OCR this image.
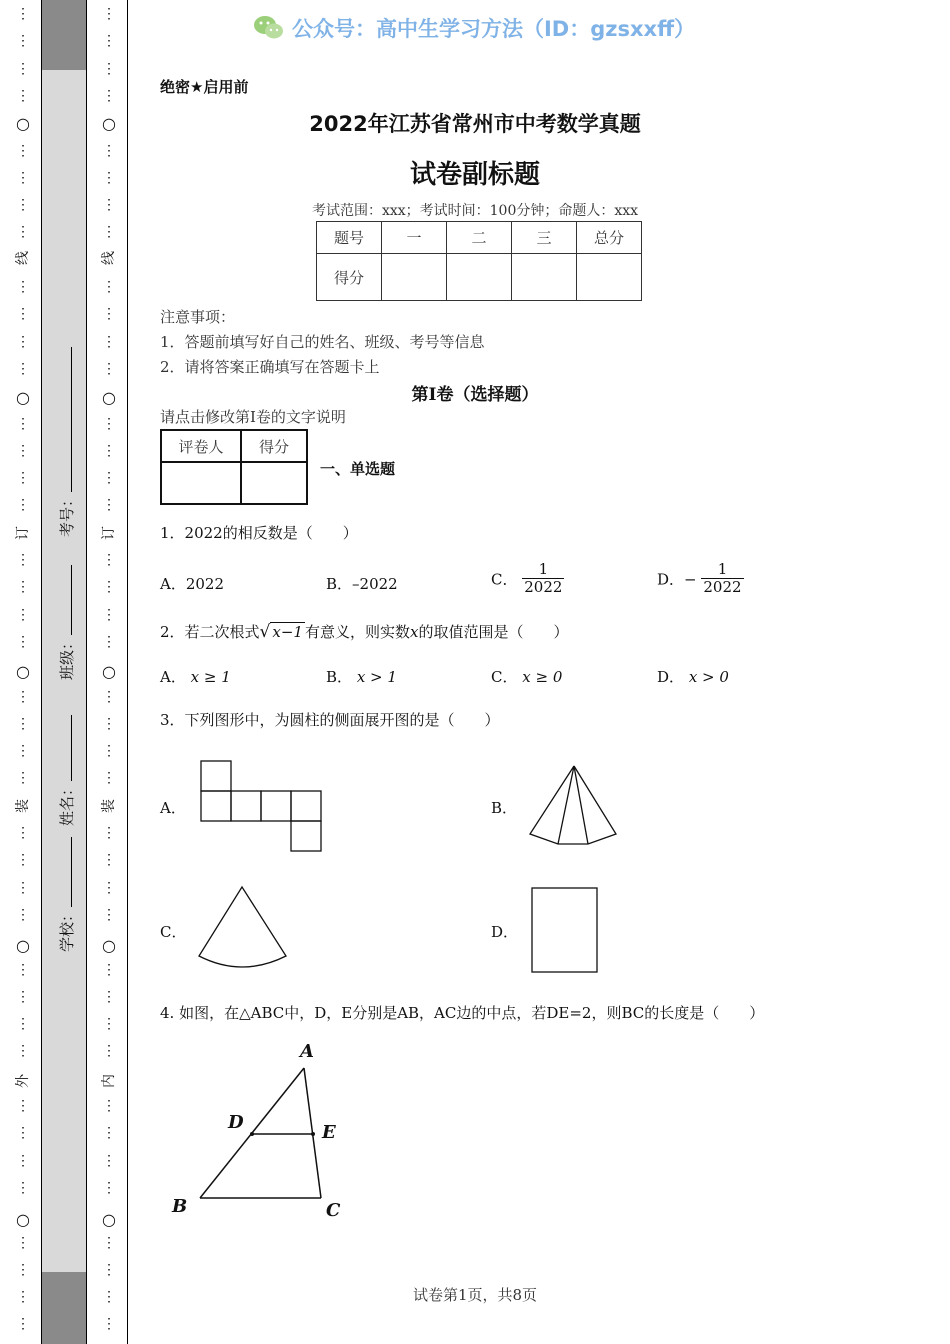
⋮
⋮
⋮
⋮
⋮
⋮
⋮
⋮
⋮
⋮
⋮
⋮
⋮
⋮
⋮
⋮
⋮
⋮
⋮
⋮
⋮
⋮
⋮
⋮
⋮
⋮
⋮
⋮
⋮
⋮
⋮
⋮
⋮
⋮
⋮
⋮
⋮
⋮
⋮
⋮
○
○
○
○
○
线
订
装
外
⋮
⋮
⋮
⋮
⋮
⋮
⋮
⋮
⋮
⋮
⋮
⋮
⋮
⋮
⋮
⋮
⋮
⋮
⋮
⋮
⋮
⋮
⋮
⋮
⋮
⋮
⋮
⋮
⋮
⋮
⋮
⋮
⋮
⋮
⋮
⋮
⋮
⋮
⋮
⋮
○
○
○
○
○
线
订
装
内
学校：
姓名：
班级：
考号：
公众号：高中生学习方法（ID：gzsxxff）
绝密★启用前
2022年江苏省常州市中考数学真题
试卷副标题
考试范围：xxx；考试时间：100分钟；命题人：xxx
题号	一	二	三	总分
得分				
注意事项：
1．答题前填写好自己的姓名、班级、考号等信息
2．请将答案正确填写在答题卡上
第I卷（选择题）
请点击修改第I卷的文字说明
评卷人	得分

一、单选题
1．2022的相反数是（　　）
A．2022	B．–2022	C． $\frac{1}{2022}$	D．− $\frac{1}{2022}$
2．若二次根式√ x−1 有意义，则实数x的取值范围是（　　）
A． x ≥ 1	B． x > 1	C． x ≥ 0	D． x > 0
3．下列图形中，为圆柱的侧面展开图的是（　　）
A．	B．
C．	D．
4. 如图，在△ABC中，D，E分别是AB，AC边的中点，若DE=2，则BC的长度是（　　）
A
D	E
B	C
试卷第1页，共8页
